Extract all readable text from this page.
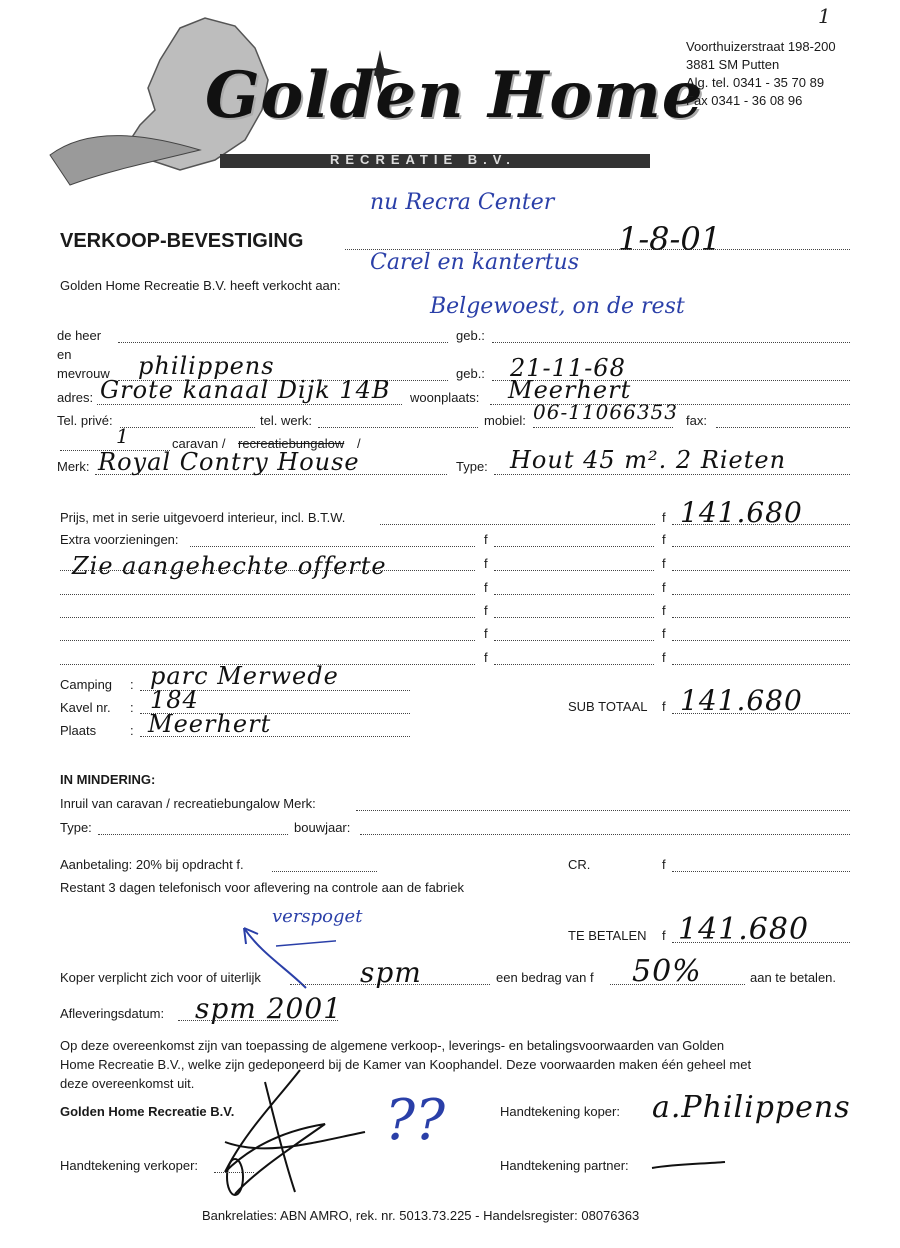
1
Golden Home
RECREATIE B.V.
Voorthuizerstraat 198-200
3881 SM Putten
Alg. tel. 0341 - 35 70 89
Fax 0341 - 36 08 96
nu Recra Center
Carel en kantertus
Belgewoest, on de rest
VERKOOP-BEVESTIGING	1-8-01
Golden Home Recreatie B.V. heeft verkocht aan:
de heer	geb.:
en
mevrouw philippens	geb.: 21-11-68
adres: Grote kanaal Dijk 14B woonplaats: Meerhert
Tel. privé:	tel. werk:	mobiel: 06-11066353 fax:
1	caravan / recreatiebungalow /
Merk: Royal Contry House	Type: Hout 45 m². 2 Rieten
Prijs, met in serie uitgevoerd interieur, incl. B.T.W.	f 141.680
Extra voorzieningen:
Zie aangehechte offerte
f	f
f	f
f	f
f	f
f	f
f	f
Camping : parc Merwede
Kavel nr. : 184
Plaats	: Meerhert
SUB TOTAAL f 141.680
IN MINDERING:
Inruil van caravan / recreatiebungalow Merk:
Type:	bouwjaar:
Aanbetaling: 20% bij opdracht f.	CR.	f
Restant 3 dagen telefonisch voor aflevering na controle aan de fabriek
verspoget
TE BETALEN f 141.680
Koper verplicht zich voor of uiterlijk	spm	een bedrag van f 50%	aan te betalen.
Afleveringsdatum: spm 2001
Op deze overeenkomst zijn van toepassing de algemene verkoop-, leverings- en betalingsvoorwaarden van Golden
Home Recreatie B.V., welke zijn gedeponeerd bij de Kamer van Koophandel. Deze voorwaarden maken één geheel met
deze overeenkomst uit.
Golden Home Recreatie B.V.	Handtekening koper: a.Philippens
??
Handtekening verkoper:	Handtekening partner:
Bankrelaties: ABN AMRO, rek. nr. 5013.73.225 - Handelsregister: 08076363
